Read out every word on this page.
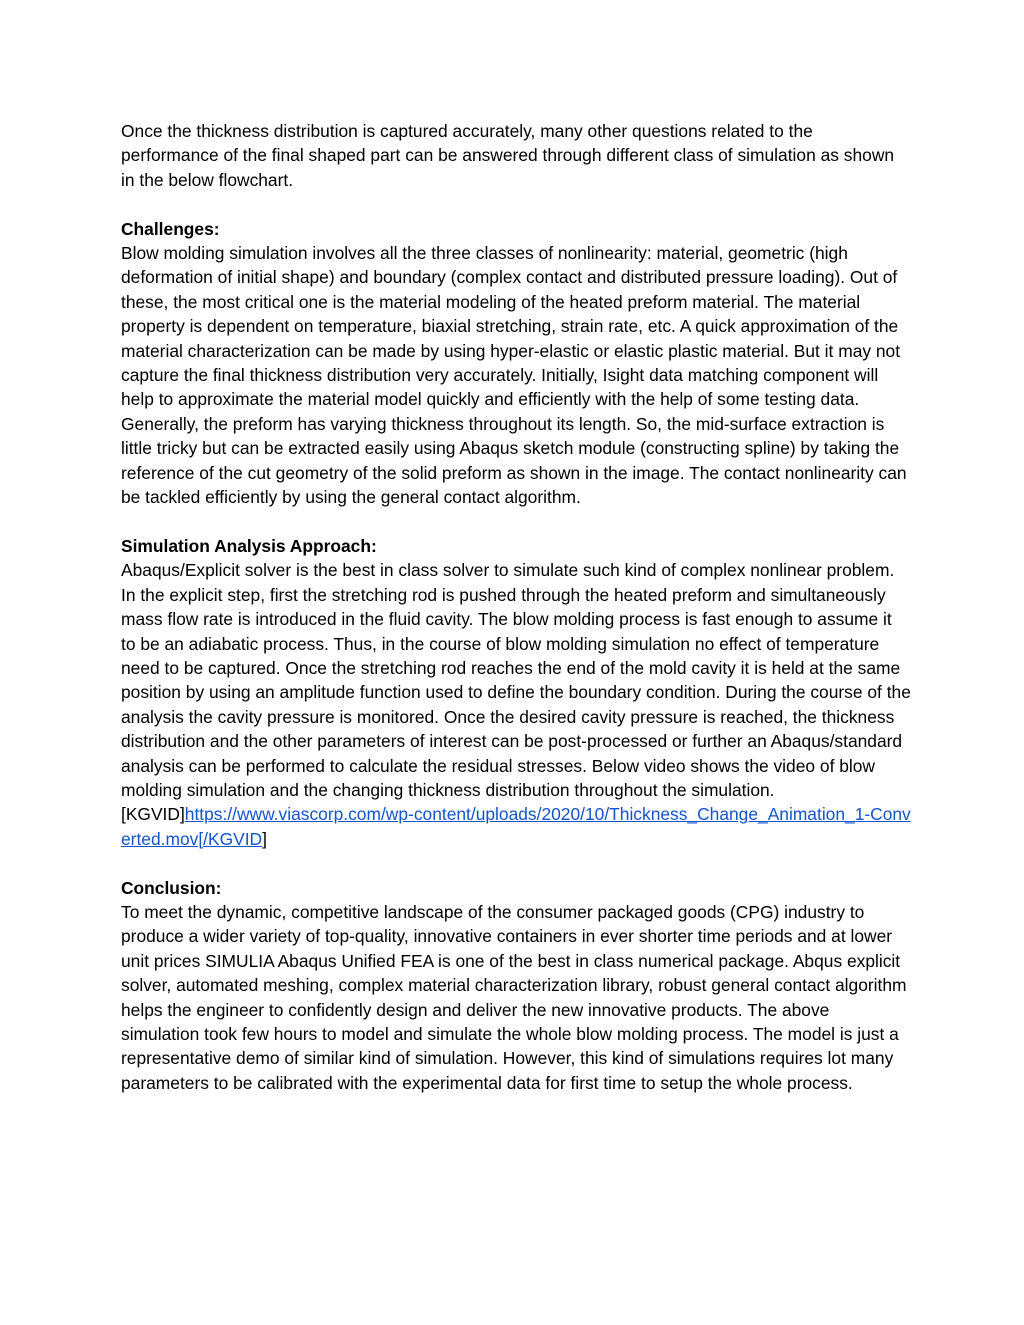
Once the thickness distribution is captured accurately, many other questions related to the performance of the final shaped part can be answered through different class of simulation as shown in the below flowchart.

Challenges:

Blow molding simulation involves all the three classes of nonlinearity: material, geometric (high deformation of initial shape) and boundary (complex contact and distributed pressure loading). Out of these, the most critical one is the material modeling of the heated preform material. The material property is dependent on temperature, biaxial stretching, strain rate, etc. A quick approximation of the material characterization can be made by using hyper-elastic or elastic plastic material. But it may not capture the final thickness distribution very accurately. Initially, Isight data matching component will help to approximate the material model quickly and efficiently with the help of some testing data.

Generally, the preform has varying thickness throughout its length. So, the mid-surface extraction is little tricky but can be extracted easily using Abaqus sketch module (constructing spline) by taking the reference of the cut geometry of the solid preform as shown in the image. The contact nonlinearity can be tackled efficiently by using the general contact algorithm.

Simulation Analysis Approach:

Abaqus/Explicit solver is the best in class solver to simulate such kind of complex nonlinear problem. In the explicit step, first the stretching rod is pushed through the heated preform and simultaneously mass flow rate is introduced in the fluid cavity. The blow molding process is fast enough to assume it to be an adiabatic process. Thus, in the course of blow molding simulation no effect of temperature need to be captured. Once the stretching rod reaches the end of the mold cavity it is held at the same position by using an amplitude function used to define the boundary condition. During the course of the analysis the cavity pressure is monitored. Once the desired cavity pressure is reached, the thickness distribution and the other parameters of interest can be post-processed or further an Abaqus/standard analysis can be performed to calculate the residual stresses. Below video shows the video of blow molding simulation and the changing thickness distribution throughout the simulation.

[KGVID]https://www.viascorp.com/wp-content/uploads/2020/10/Thickness_Change_Animation_1-Converted.mov[/KGVID]

Conclusion:

To meet the dynamic, competitive landscape of the consumer packaged goods (CPG) industry to produce a wider variety of top-quality, innovative containers in ever shorter time periods and at lower unit prices SIMULIA Abaqus Unified FEA is one of the best in class numerical package. Abqus explicit solver, automated meshing, complex material characterization library, robust general contact algorithm helps the engineer to confidently design and deliver the new innovative products. The above simulation took few hours to model and simulate the whole blow molding process. The model is just a representative demo of similar kind of simulation. However, this kind of simulations requires lot many parameters to be calibrated with the experimental data for first time to setup the whole process.
